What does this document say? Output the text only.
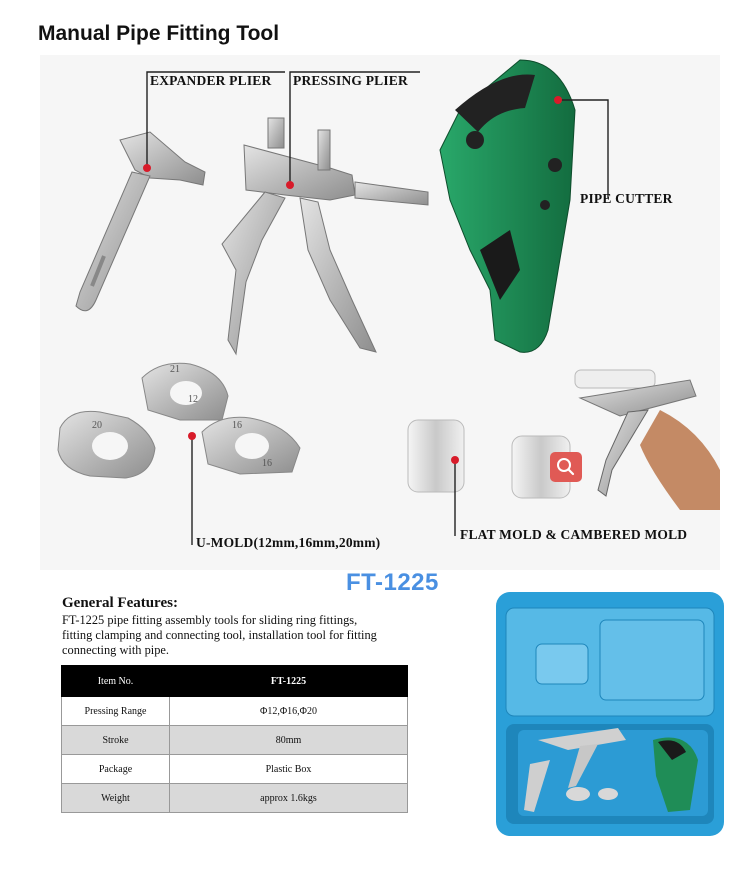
Manual Pipe Fitting Tool
20
21
12
16
16
EXPANDER PLIER PRESSING PLIER
PIPE CUTTER
U-MOLD(12mm,16mm,20mm)
FLAT MOLD & CAMBERED MOLD
FT-1225
General Features:
FT-1225 pipe fitting assembly tools for sliding ring fittings, fitting clamping and connecting tool, installation tool for fitting connecting with pipe.
Item No.	FT-1225
Pressing Range	Φ12,Φ16,Φ20
Stroke	80mm
Package	Plastic Box
Weight	approx 1.6kgs
